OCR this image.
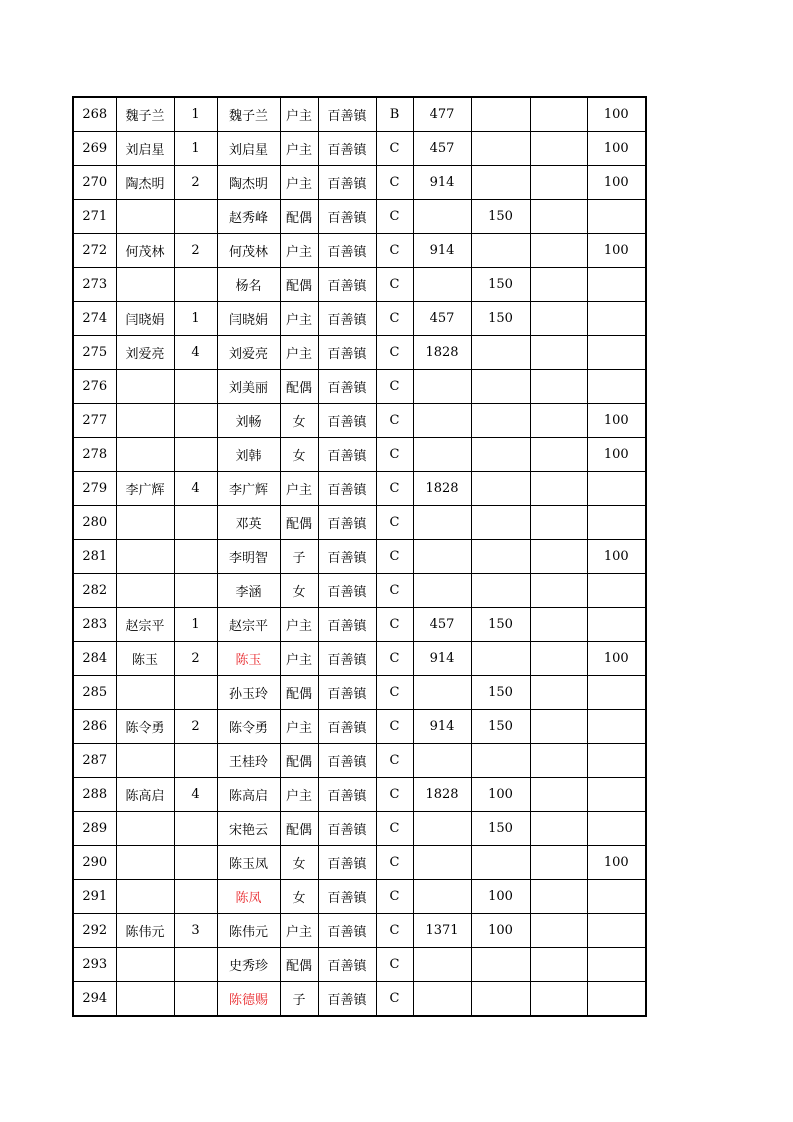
268	魏子兰	1	魏子兰	户主	百善镇	B	477			100
269	刘启星	1	刘启星	户主	百善镇	C	457			100
270	陶杰明	2	陶杰明	户主	百善镇	C	914			100
271			赵秀峰	配偶	百善镇	C		150		
272	何茂林	2	何茂林	户主	百善镇	C	914			100
273			杨名	配偶	百善镇	C		150		
274	闫晓娟	1	闫晓娟	户主	百善镇	C	457	150		
275	刘爱亮	4	刘爱亮	户主	百善镇	C	1828			
276			刘美丽	配偶	百善镇	C				
277			刘畅	女	百善镇	C				100
278			刘韩	女	百善镇	C				100
279	李广辉	4	李广辉	户主	百善镇	C	1828			
280			邓英	配偶	百善镇	C				
281			李明智	子	百善镇	C				100
282			李涵	女	百善镇	C				
283	赵宗平	1	赵宗平	户主	百善镇	C	457	150		
284	陈玉	2	陈玉	户主	百善镇	C	914			100
285			孙玉玲	配偶	百善镇	C		150		
286	陈令勇	2	陈令勇	户主	百善镇	C	914	150		
287			王桂玲	配偶	百善镇	C				
288	陈高启	4	陈高启	户主	百善镇	C	1828	100		
289			宋艳云	配偶	百善镇	C		150		
290			陈玉凤	女	百善镇	C				100
291			陈凤	女	百善镇	C		100		
292	陈伟元	3	陈伟元	户主	百善镇	C	1371	100		
293			史秀珍	配偶	百善镇	C				
294			陈德赐	子	百善镇	C				
